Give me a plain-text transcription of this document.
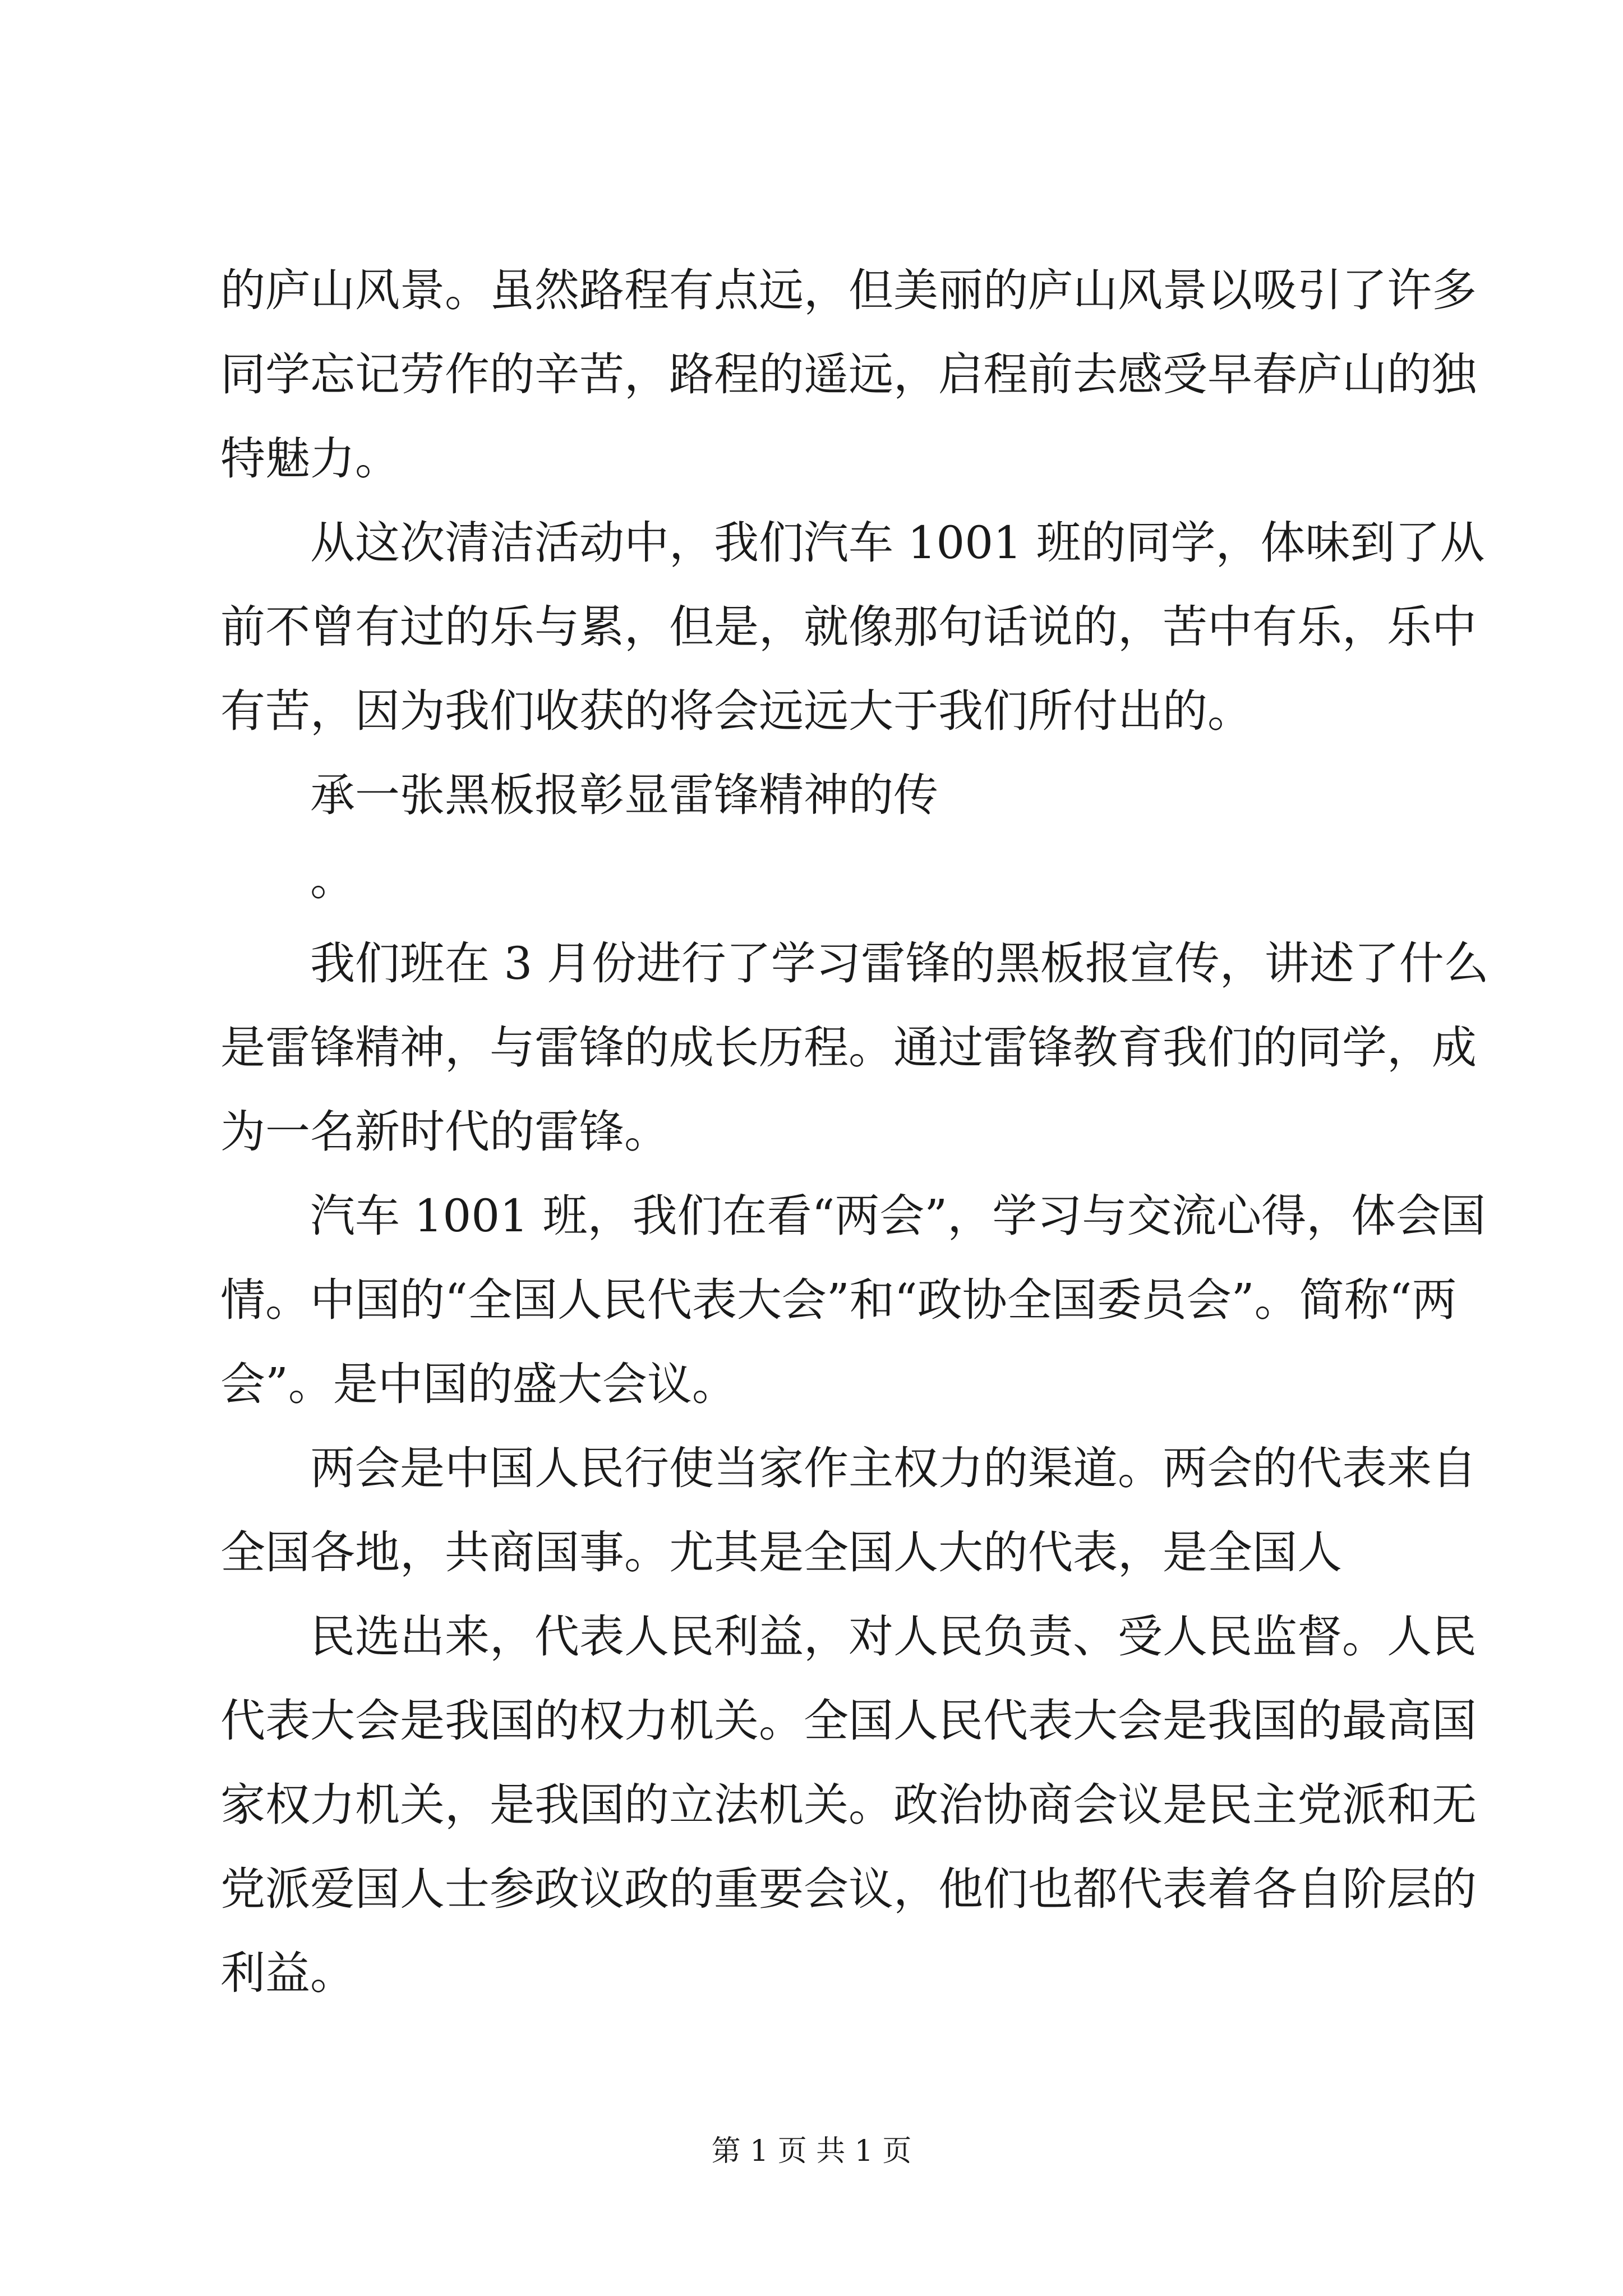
的庐山风景。虽然路程有点远，但美丽的庐山风景以吸引了许多
同学忘记劳作的辛苦，路程的遥远，启程前去感受早春庐山的独
特魅力。
从这次清洁活动中，我们汽车 1001 班的同学，体味到了从
前不曾有过的乐与累，但是，就像那句话说的，苦中有乐，乐中
有苦，因为我们收获的将会远远大于我们所付出的。
承一张黑板报彰显雷锋精神的传
。
我们班在 3 月份进行了学习雷锋的黑板报宣传，讲述了什么
是雷锋精神，与雷锋的成长历程。通过雷锋教育我们的同学，成
为一名新时代的雷锋。
汽车 1001 班，我们在看“两会”，学习与交流心得，体会国
情。中国的“全国人民代表大会”和“政协全国委员会”。简称“两
会”。是中国的盛大会议。
两会是中国人民行使当家作主权力的渠道。两会的代表来自
全国各地，共商国事。尤其是全国人大的代表，是全国人
民选出来，代表人民利益，对人民负责、受人民监督。人民
代表大会是我国的权力机关。全国人民代表大会是我国的最高国
家权力机关，是我国的立法机关。政治协商会议是民主党派和无
党派爱国人士参政议政的重要会议，他们也都代表着各自阶层的
利益。
第 1 页 共 1 页
